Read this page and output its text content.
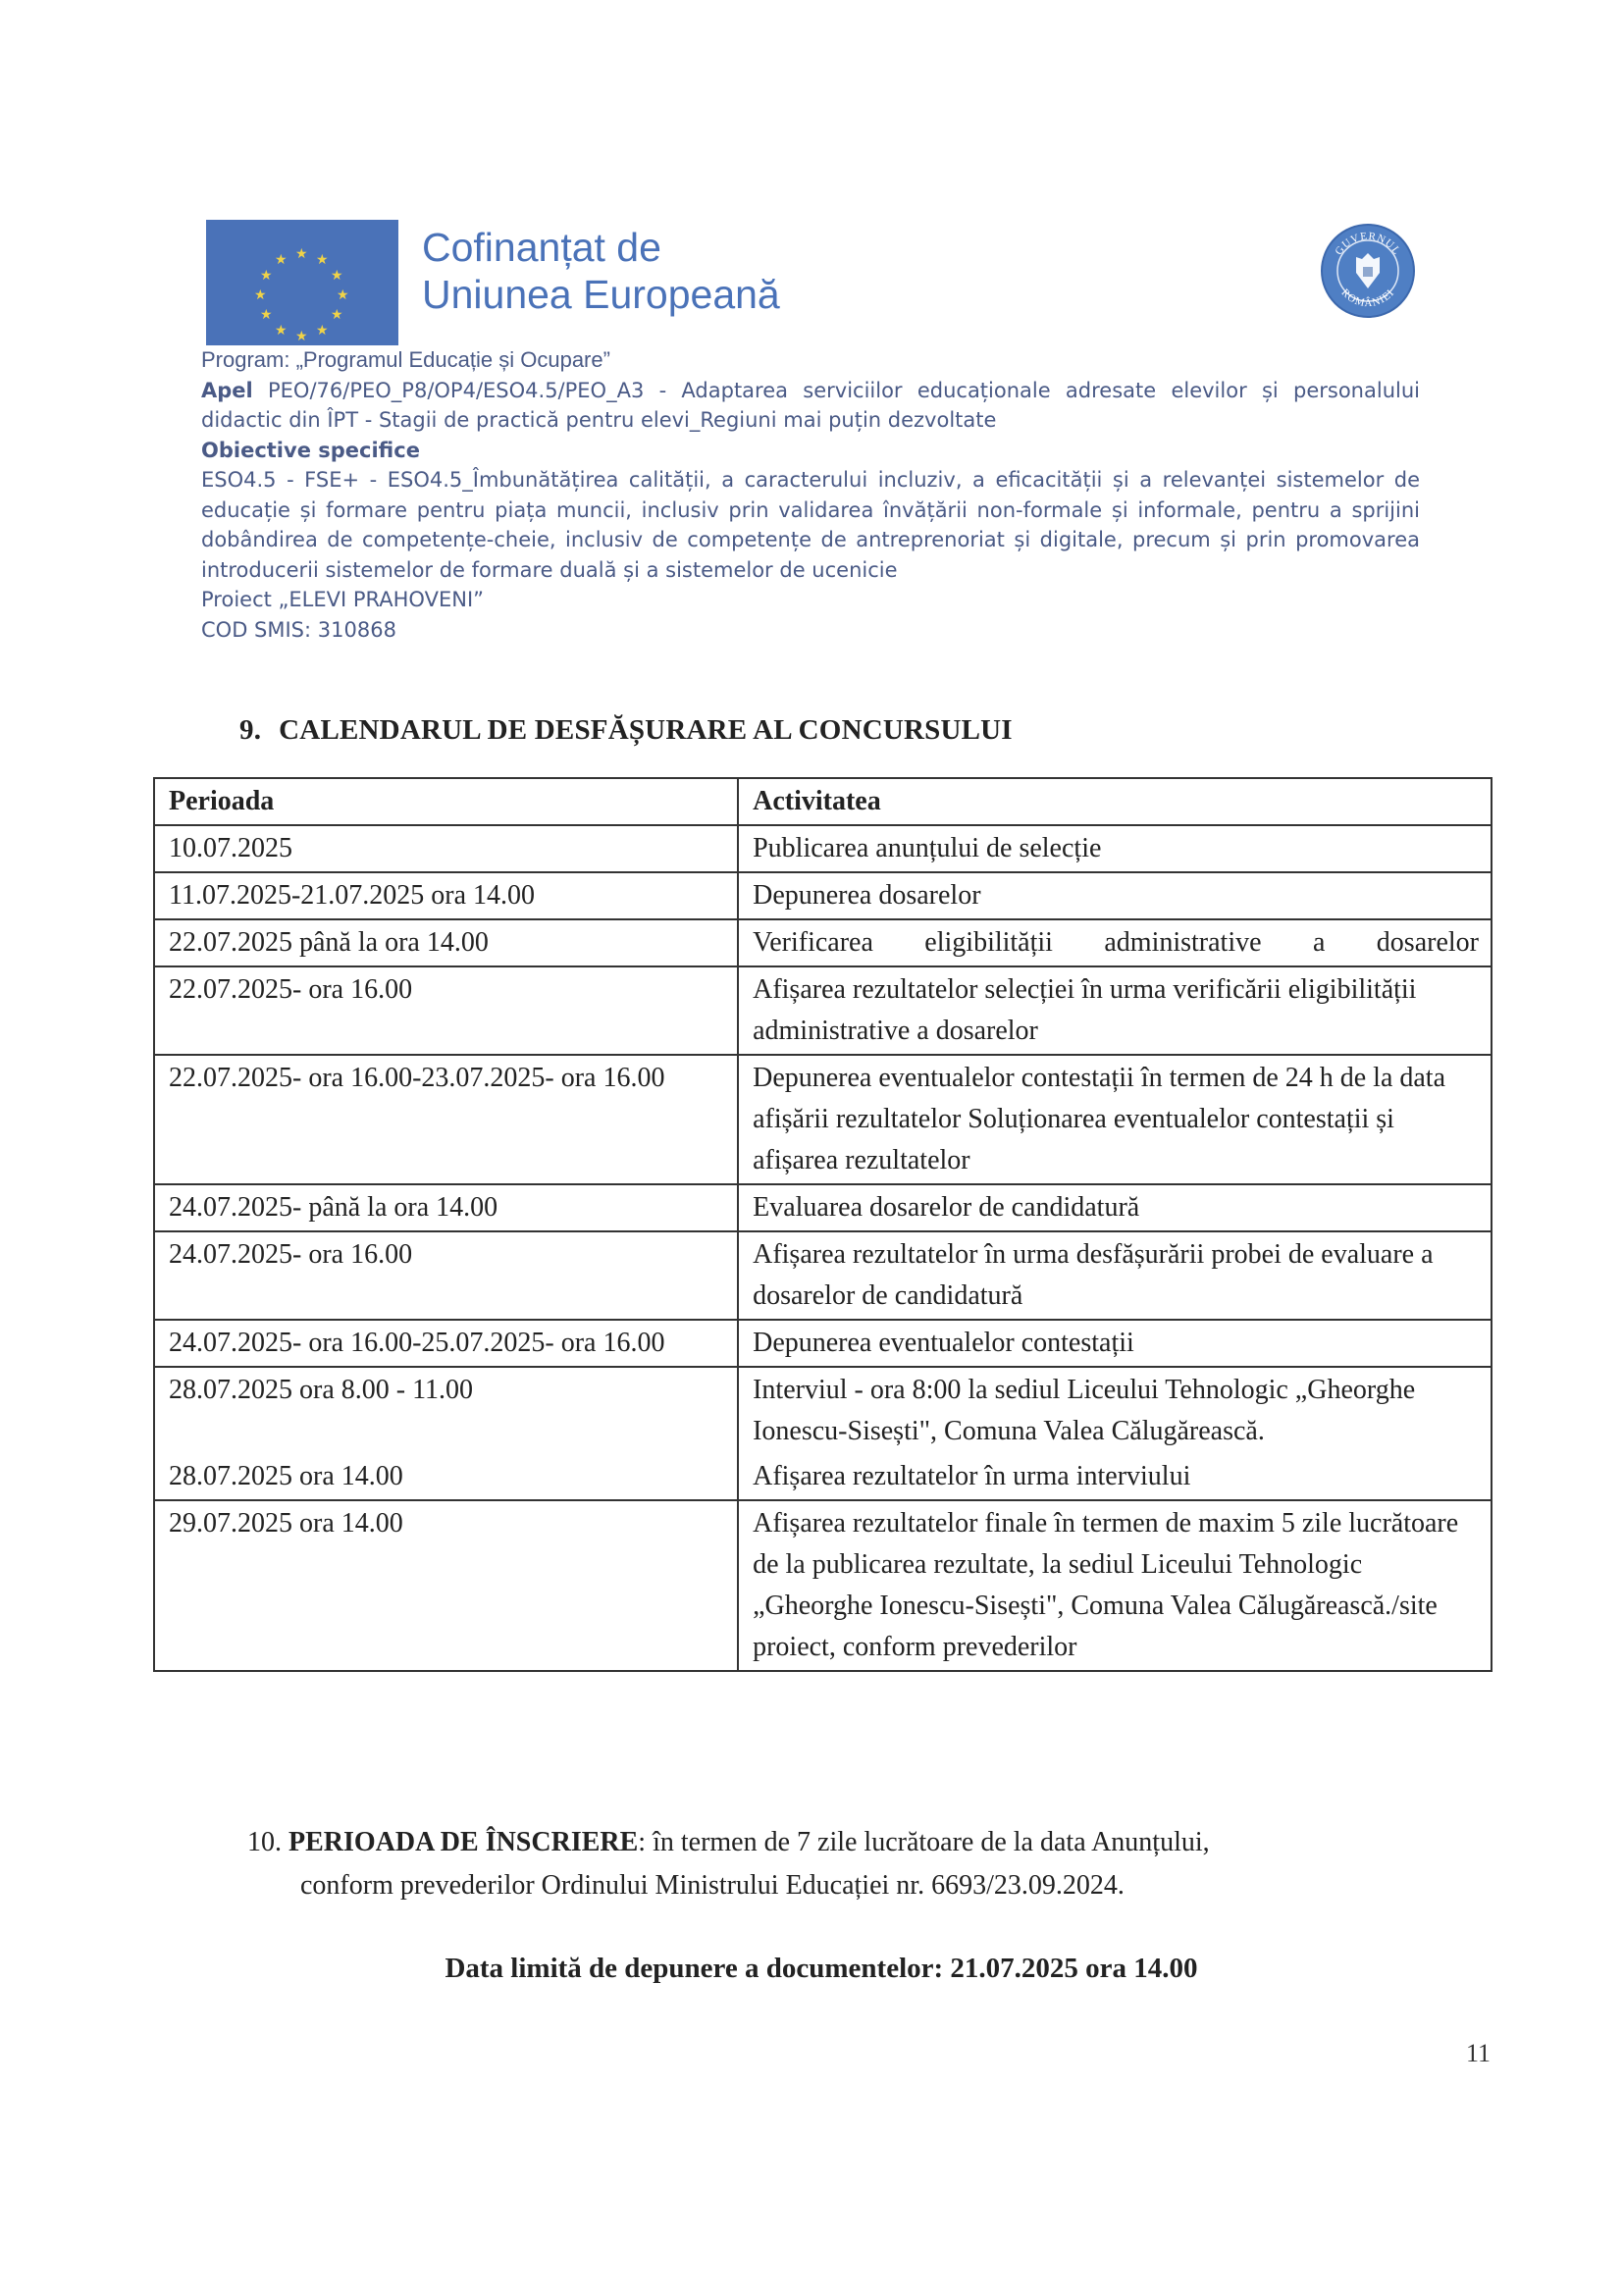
★ ★
★
★
★
★
★
★
★
★
★
★	Cofinanțat de
Uniunea Europeană
GUVERNUL
ROMÂNIEI
Program: „Programul Educație și Ocupare”
Apel PEO/76/PEO_P8/OP4/ESO4.5/PEO_A3 - Adaptarea serviciilor educaționale adresate elevilor și personalului didactic din ÎPT - Stagii de practică pentru elevi_Regiuni mai puțin dezvoltate
Obiective specifice
ESO4.5 - FSE+ - ESO4.5_Îmbunătățirea calității, a caracterului incluziv, a eficacității și a relevanței sistemelor de educație și formare pentru piața muncii, inclusiv prin validarea învățării non-formale și informale, pentru a sprijini dobândirea de competențe-cheie, inclusiv de competențe de antreprenoriat și digitale, precum și prin promovarea introducerii sistemelor de formare duală și a sistemelor de ucenicie
Proiect „ELEVI PRAHOVENI”
COD SMIS: 310868
9. CALENDARUL DE DESFĂȘURARE AL CONCURSULUI
Perioada	Activitatea
10.07.2025	Publicarea anunțului de selecție
11.07.2025-21.07.2025 ora 14.00	Depunerea dosarelor
22.07.2025 până la ora 14.00	Verificarea eligibilității administrative a dosarelor
22.07.2025- ora 16.00	Afișarea rezultatelor selecției în urma verificării eligibilității administrative a dosarelor
22.07.2025- ora 16.00-23.07.2025- ora 16.00	Depunerea eventualelor contestații în termen de 24 h de la data afișării rezultatelor Soluționarea eventualelor contestații și afișarea rezultatelor
24.07.2025- până la ora 14.00	Evaluarea dosarelor de candidatură
24.07.2025- ora 16.00	Afișarea rezultatelor în urma desfășurării probei de evaluare a dosarelor de candidatură
24.07.2025- ora 16.00-25.07.2025- ora 16.00	Depunerea eventualelor contestații
28.07.2025 ora 8.00 - 11.00	Interviul - ora 8:00 la sediul Liceului Tehnologic „Gheorghe Ionescu-Sisești", Comuna Valea Călugărească.
28.07.2025 ora 14.00	Afișarea rezultatelor în urma interviului
29.07.2025 ora 14.00	Afișarea rezultatelor finale în termen de maxim 5 zile lucrătoare de la publicarea rezultate, la sediul Liceului Tehnologic „Gheorghe Ionescu-Sisești", Comuna Valea Călugărească./site proiect, conform prevederilor
10. PERIOADA DE ÎNSCRIERE: în termen de 7 zile lucrătoare de la data Anunțului,
conform prevederilor Ordinului Ministrului Educației nr. 6693/23.09.2024.
Data limită de depunere a documentelor: 21.07.2025 ora 14.00
11
